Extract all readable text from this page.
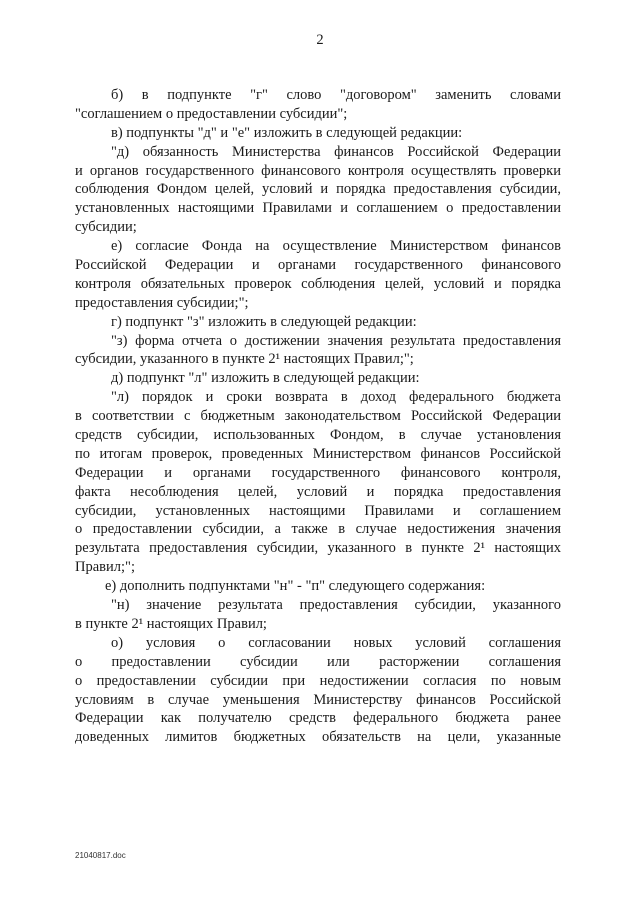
2
б) в подпункте "г" слово "договором" заменить словами
"соглашением о предоставлении субсидии";
в) подпункты "д" и "е" изложить в следующей редакции:
"д) обязанность Министерства финансов Российской Федерации
и органов государственного финансового контроля осуществлять проверки
соблюдения Фондом целей, условий и порядка предоставления субсидии,
установленных настоящими Правилами и соглашением о предоставлении
субсидии;
е) согласие Фонда на осуществление Министерством финансов
Российской Федерации и органами государственного финансового
контроля обязательных проверок соблюдения целей, условий и порядка
предоставления субсидии;";
г) подпункт "з" изложить в следующей редакции:
"з) форма отчета о достижении значения результата предоставления
субсидии, указанного в пункте 2¹ настоящих Правил;";
д) подпункт "л" изложить в следующей редакции:
"л) порядок и сроки возврата в доход федерального бюджета
в соответствии с бюджетным законодательством Российской Федерации
средств субсидии, использованных Фондом, в случае установления
по итогам проверок, проведенных Министерством финансов Российской
Федерации и органами государственного финансового контроля,
факта несоблюдения целей, условий и порядка предоставления
субсидии, установленных настоящими Правилами и соглашением
о предоставлении субсидии, а также в случае недостижения значения
результата предоставления субсидии, указанного в пункте 2¹ настоящих
Правил;";
е) дополнить подпунктами "н" - "п" следующего содержания:
"н) значение результата предоставления субсидии, указанного
в пункте 2¹ настоящих Правил;
о) условия о согласовании новых условий соглашения
о предоставлении субсидии или расторжении соглашения
о предоставлении субсидии при недостижении согласия по новым
условиям в случае уменьшения Министерству финансов Российской
Федерации как получателю средств федерального бюджета ранее
доведенных лимитов бюджетных обязательств на цели, указанные
21040817.doc
